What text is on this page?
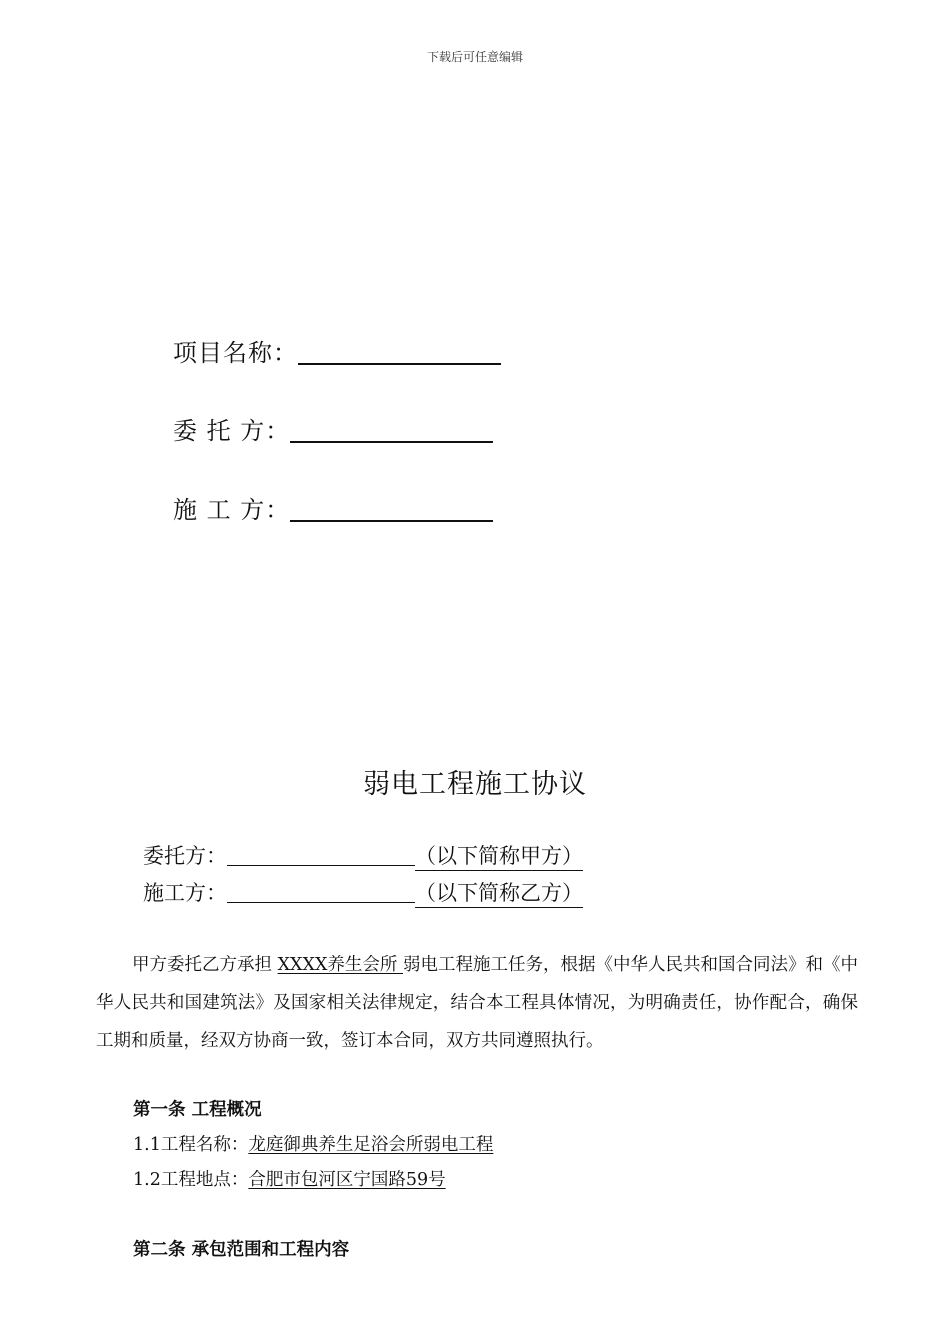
下载后可任意编辑
项目名称：
委 托 方：
施 工 方：
弱电工程施工协议
委托方：	（以下简称甲方）
施工方：	（以下简称乙方）
甲方委托乙方承担 XXXX养生会所 弱电工程施工任务，根据《中华人民共和国合同法》和《中华人民共和国建筑法》及国家相关法律规定，结合本工程具体情况，为明确责任，协作配合，确保工期和质量，经双方协商一致，签订本合同，双方共同遵照执行。
第一条 工程概况
1.1工程名称：龙庭御典养生足浴会所弱电工程
1.2工程地点：合肥市包河区宁国路59号
第二条 承包范围和工程内容
